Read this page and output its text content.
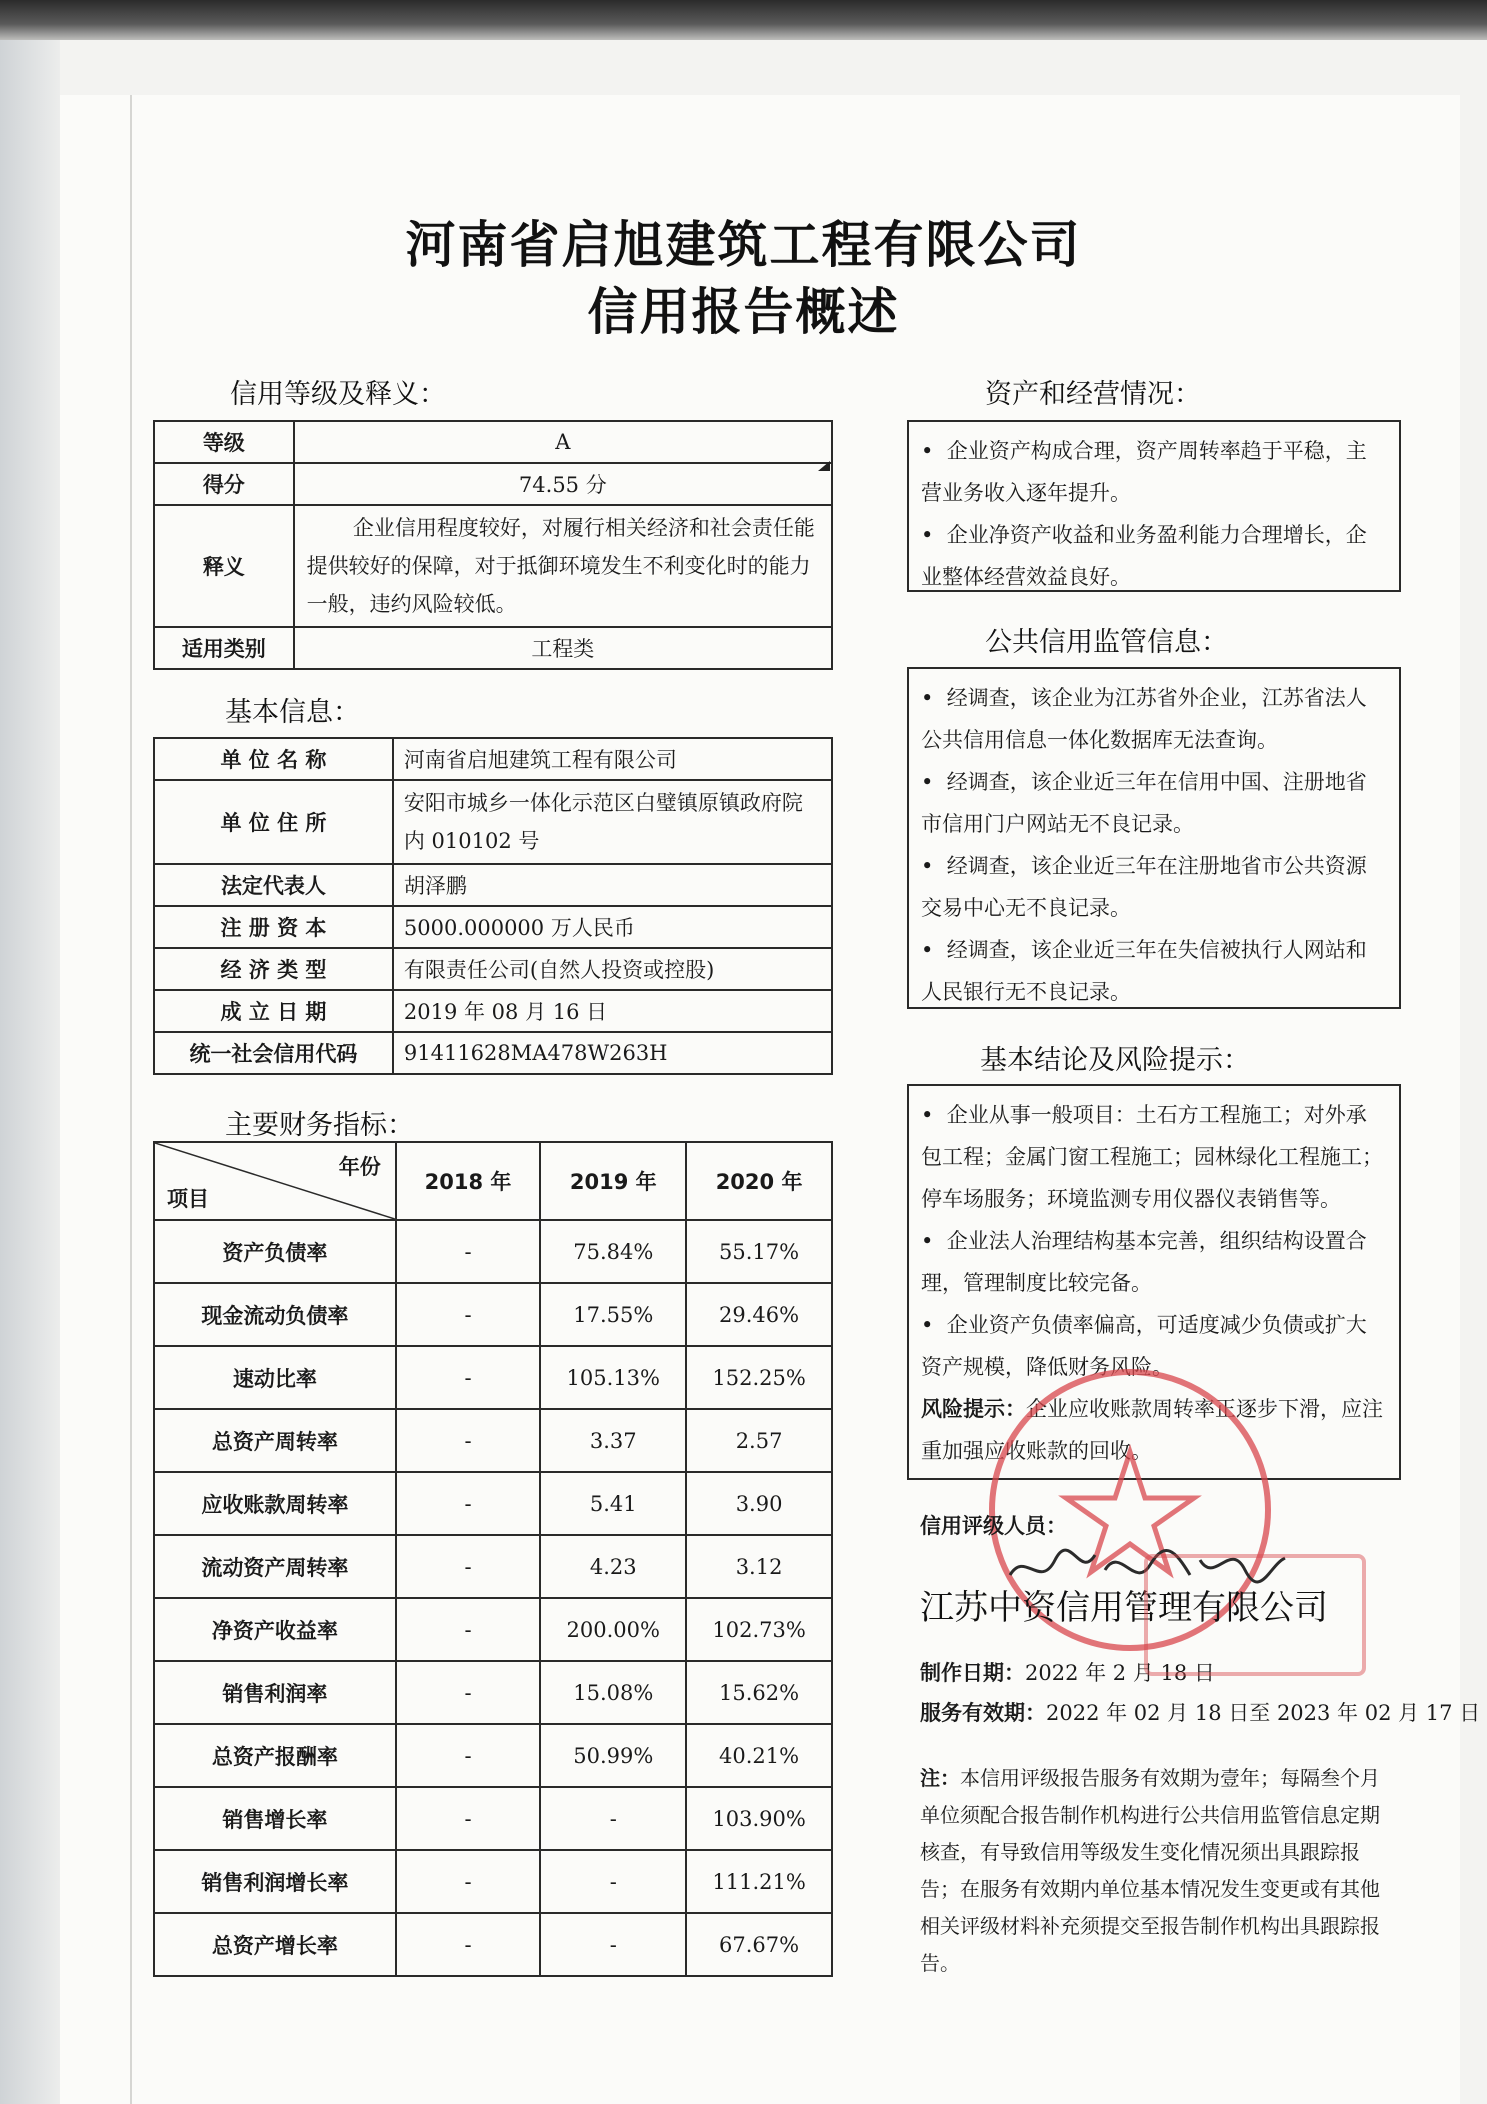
河南省启旭建筑工程有限公司
信用报告概述
信用等级及释义：
等级	A
得分	74.55 分
释义	企业信用程度较好，对履行相关经济和社会责任能提供较好的保障，对于抵御环境发生不利变化时的能力一般，违约风险较低。
适用类别	工程类
基本信息：
单 位 名 称	河南省启旭建筑工程有限公司
单 位 住 所	安阳市城乡一体化示范区白璧镇原镇政府院内 010102 号
法定代表人	胡泽鹏
注 册 资 本	5000.000000 万人民币
经 济 类 型	有限责任公司(自然人投资或控股)
成 立 日 期	2019 年 08 月 16 日
统一社会信用代码	91411628MA478W263H
主要财务指标：
年份
项目	2018 年	2019 年	2020 年
资产负债率	-	75.84%	55.17%
现金流动负债率	-	17.55%	29.46%
速动比率	-	105.13%	152.25%
总资产周转率	-	3.37	2.57
应收账款周转率	-	5.41	3.90
流动资产周转率	-	4.23	3.12
净资产收益率	-	200.00%	102.73%
销售利润率	-	15.08%	15.62%
总资产报酬率	-	50.99%	40.21%
销售增长率	-	-	103.90%
销售利润增长率	-	-	111.21%
总资产增长率	-	-	67.67%
资产和经营情况：

•  企业资产构成合理，资产周转率趋于平稳，主营业务收入逐年提升。

•  企业净资产收益和业务盈利能力合理增长，企业整体经营效益良好。

公共信用监管信息：

•  经调查，该企业为江苏省外企业，江苏省法人公共信用信息一体化数据库无法查询。

•  经调查，该企业近三年在信用中国、注册地省市信用门户网站无不良记录。

•  经调查，该企业近三年在注册地省市公共资源交易中心无不良记录。

•  经调查，该企业近三年在失信被执行人网站和人民银行无不良记录。

基本结论及风险提示：

•  企业从事一般项目：土石方工程施工；对外承包工程；金属门窗工程施工；园林绿化工程施工；停车场服务；环境监测专用仪器仪表销售等。

•  企业法人治理结构基本完善，组织结构设置合理，管理制度比较完备。

•  企业资产负债率偏高，可适度减少负债或扩大资产规模，降低财务风险。

风险提示：企业应收账款周转率正逐步下滑，应注重加强应收账款的回收。

信用评级人员：
江苏中资信用管理有限公司
制作日期：2022 年 2 月 18 日
服务有效期：2022 年 02 月 18 日至 2023 年 02 月 17 日
注：本信用评级报告服务有效期为壹年；每隔叁个月单位须配合报告制作机构进行公共信用监管信息定期核查，有导致信用等级发生变化情况须出具跟踪报告；在服务有效期内单位基本情况发生变更或有其他相关评级材料补充须提交至报告制作机构出具跟踪报告。
